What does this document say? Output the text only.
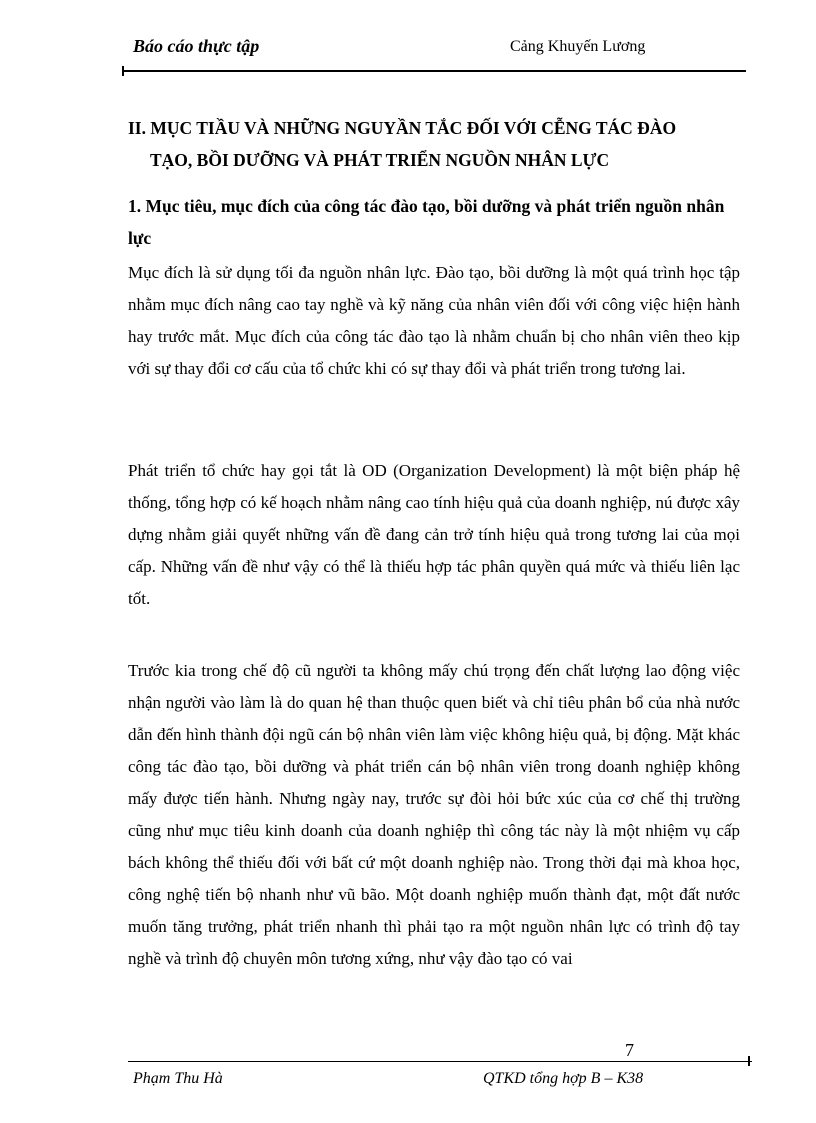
Báo cáo thực tập	Cảng Khuyến Lương
II. MỤC TIẦU VÀ NHỮNG NGUYẦN TẮC ĐỐI VỚI CỄNG TÁC ĐÀO
TẠO, BỒI DƯỠNG VÀ PHÁT TRIỂN NGUỒN NHÂN LỰC
1. Mục tiêu, mục đích của công tác đào tạo, bồi dưỡng và phát triển nguồn nhân lực

Mục đích là sử dụng tối đa nguồn nhân lực. Đào tạo, bồi dưỡng là một quá trình học tập nhằm mục đích nâng cao tay nghề và kỹ năng của nhân viên đối với công việc hiện hành hay trước mắt. Mục đích của công tác đào tạo là nhằm chuẩn bị cho nhân viên theo kịp với sự thay đổi cơ cấu của tổ chức khi có sự thay đổi và phát triển trong tương lai.

Phát triển tổ chức hay gọi tắt là OD (Organization Development) là một biện pháp hệ thống, tổng hợp có kế hoạch nhằm nâng cao tính hiệu quả của doanh nghiệp, nú được xây dựng nhằm giải quyết những vấn đề đang cản trở tính hiệu quả trong tương lai của mọi cấp. Những vấn đề như vậy có thể là thiếu hợp tác phân quyền quá mức và thiếu liên lạc tốt.

Trước kia trong chế độ cũ người ta không mấy chú trọng đến chất lượng lao động việc nhận người vào làm là do quan hệ than thuộc quen biết và chỉ tiêu phân bổ của nhà nước dẫn đến hình thành đội ngũ cán bộ nhân viên làm việc không hiệu quả, bị động. Mặt khác công tác đào tạo, bồi dưỡng và phát triển cán bộ nhân viên trong doanh nghiệp không mấy được tiến hành. Nhưng ngày nay, trước sự đòi hỏi bức xúc của cơ chế thị trường cũng như mục tiêu kinh doanh của doanh nghiệp thì công tác này là một nhiệm vụ cấp bách không thể thiếu đối với bất cứ một doanh nghiệp nào. Trong thời đại mà khoa học, công nghệ tiến bộ nhanh như vũ bão. Một doanh nghiệp muốn thành đạt, một đất nước muốn tăng trưởng, phát triển nhanh thì phải tạo ra một nguồn nhân lực có trình độ tay nghề và trình độ chuyên môn tương xứng, như vậy đào tạo có vai

7
Phạm Thu Hà	QTKD tổng hợp B – K38
